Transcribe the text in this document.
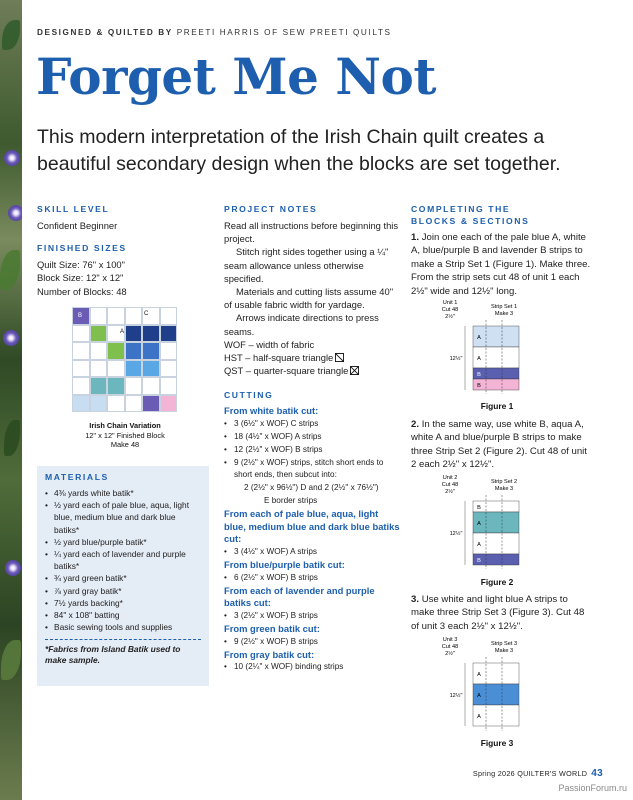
DESIGNED & QUILTED BY PREETI HARRIS OF SEW PREETI QUILTS
Forget Me Not
This modern interpretation of the Irish Chain quilt creates a beautiful secondary design when the blocks are set together.
SKILL LEVEL
Confident Beginner
FINISHED SIZES
Quilt Size: 76" x 100"
Block Size: 12" x 12"
Number of Blocks: 48
B	C
A
Irish Chain Variation
12" x 12" Finished Block
Make 48
MATERIALS
• 4⅜ yards white batik*
• ½ yard each of pale blue, aqua, light blue, medium blue and dark blue batiks*
• ½ yard blue/purple batik*
• ¼ yard each of lavender and purple batiks*
• ¾ yard green batik*
• ⅞ yard gray batik*
• 7½ yards backing*
• 84" x 108" batting
• Basic sewing tools and supplies
*Fabrics from Island Batik used to make sample.
PROJECT NOTES
Read all instructions before beginning this project.
Stitch right sides together using a ¼" seam allowance unless otherwise specified.
Materials and cutting lists assume 40" of usable fabric width for yardage.
Arrows indicate directions to press seams.
WOF – width of fabric
HST – half-square triangle
QST – quarter-square triangle
CUTTING
From white batik cut:
• 3 (6½" x WOF) C strips
• 18 (4½" x WOF) A strips
• 12 (2½" x WOF) B strips
• 9 (2½" x WOF) strips, stitch short ends to short ends, then subcut into:
2 (2½" x 96½") D and 2 (2½" x 76½")
E border strips
From each of pale blue, aqua, light blue, medium blue and dark blue batiks cut:
• 3 (4½" x WOF) A strips
From blue/purple batik cut:
• 6 (2½" x WOF) B strips
From each of lavender and purple batiks cut:
• 3 (2½" x WOF) B strips
From green batik cut:
• 9 (2½" x WOF) B strips
From gray batik cut:
• 10 (2¼" x WOF) binding strips
COMPLETING THE
BLOCKS & SECTIONS
1. Join one each of the pale blue A, white A, blue/purple B and lavender B strips to make a Strip Set 1 (Figure 1). Make three. From the strip sets cut 48 of unit 1 each 2½" wide and 12½" long.
2. In the same way, use white B, aqua A, white A and blue/purple B strips to make three Strip Set 2 (Figure 2). Cut 48 of unit 2 each 2½" x 12½".
3. Use white and light blue A strips to make three Strip Set 3 (Figure 3). Cut 48 of unit 3 each 2½" x 12½".
Unit 1
Cut 48
2½"
Strip Set 1
Make 3
A
A
B
B
12½"
Figure 1
Unit 2
Cut 48
2½"
Strip Set 2
Make 3
B
A
A
B
12½"
Figure 2
Unit 3
Cut 48
2½"
Strip Set 3
Make 3
A
A
A
12½"
Figure 3
Spring 2026 QUILTER'S WORLD 43
PassionForum.ru
